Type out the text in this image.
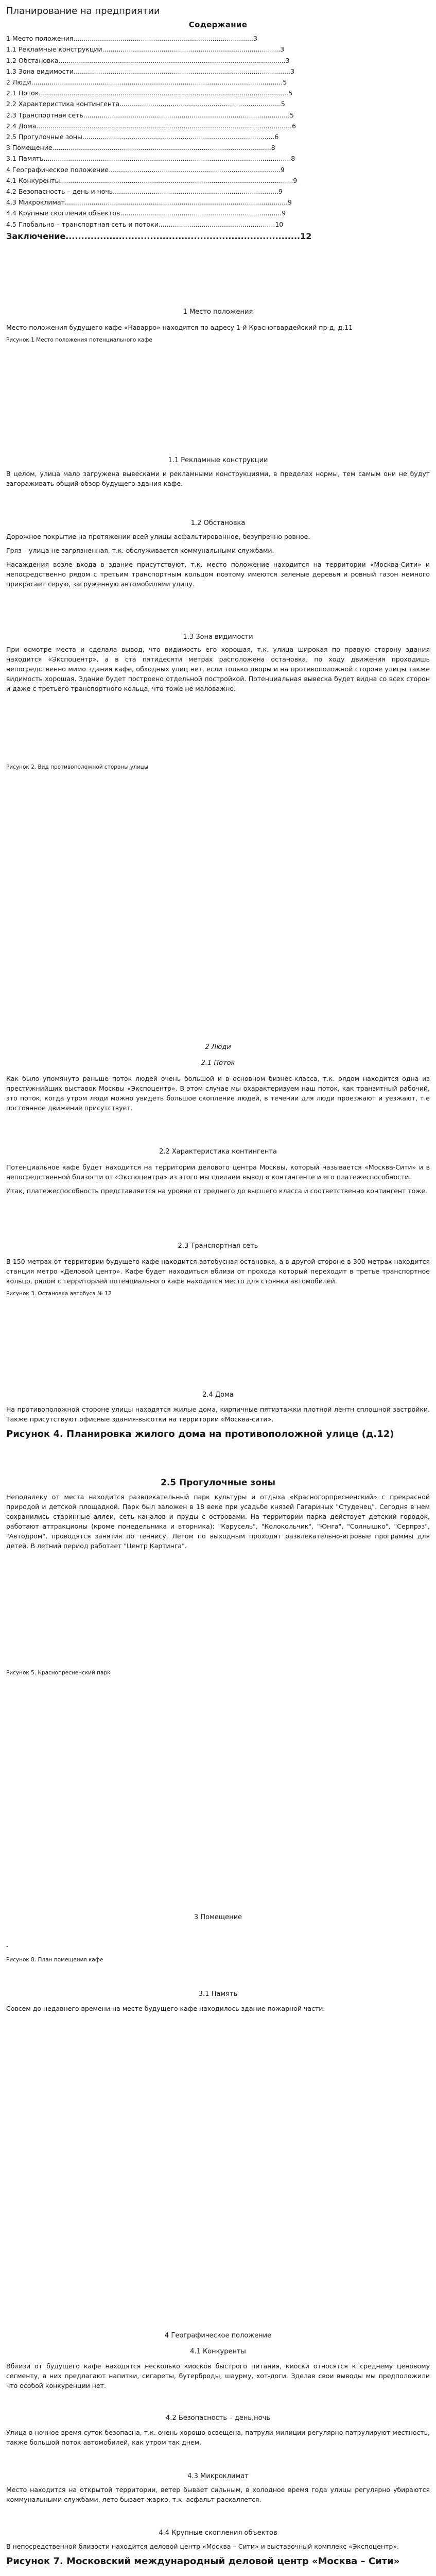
Планирование на предприятии
Содержание
1 Место положения........................................................................................3
1.1 Рекламные конструкции.......................................................................................3
1.2 Обстановка...............................................................................................................3
1.3 Зона видимости..........................................................................................................3
2 Люди...........................................................................................................................5
2.1 Поток..........................................................................................................................5
2.2 Характеристика контингента...............................................................................5
2.3 Транспортная сеть.....................................................................................................5
2.4 Дома.............................................................................................................................6
2.5 Прогулочные зоны..............................................................................................6
3 Помещение...........................................................................................................8
3.1 Память.........................................................................................................................8
4 Географическое положение....................................................................................9
4.1 Конкуренты..................................................................................................................9
4.2 Безопасность – день и ночь.................................................................................9
4.3 Микроклимат.............................................................................................................9
4.4 Крупные скопления объектов...............................................................................9
4.5 Глобально – транспортная сеть и потоки.........................................................10
Заключение...........................................................................12
1 Место положения

Место положения будущего кафе «Наварро» находится по адресу 1-й Красногвардейский пр-д, д.11

Рисунок 1 Место положения потенциального кафе
1.1 Рекламные конструкции

В целом, улица мало загружена вывесками и рекламными конструкциями, в пределах нормы, тем самым они не будут загораживать общий обзор будущего здания кафе.

1.2 Обстановка

Дорожное покрытие на протяжении всей улицы асфальтированное, безупречно ровное.

Гряз – улица не загрязненная, т.к. обслуживается коммунальными службами.

Насаждения возле входа в здание присутствуют, т.к. место положение находится на территории «Москва-Сити» и непосредственно рядом с третьим транспортным кольцом поэтому имеются зеленые деревья и ровный газон немного прикрасает серую, загруженную автомобилями улицу.

1.3 Зона видимости

При осмотре места и сделала вывод, что видимость его хорошая, т.к. улица широкая по правую сторону здания находится «Экспоцентр», а в ста пятидесяти метрах расположена остановка, по ходу движения проходишь непосредственно мимо здания кафе, обходных улиц нет, если только дворы и на противоположной стороне улицы также видимость хорошая. Здание будет построено отдельной постройкой. Потенциальная вывеска будет видна со всех сторон и даже с третьего транспортного кольца, что тоже не маловажно.

Рисунок 2. Вид противоположной стороны улицы
2 Люди
2.1 Поток

Как было упомянуто раньше поток людей очень большой и в основном бизнес-класса, т.к. рядом находится одна из престижнийших выставок Москвы «Экспоцентр». В этом случае мы охарактеризуем наш поток, как транзитный рабочий, это поток, когда утром люди можно увидеть большое скопление людей, в течении для люди проезжают и уезжают, т.е постоянное движение присутствует.

2.2 Характеристика контингента

Потенциальное кафе будет находится на территории делового центра Москвы, который называется «Москва-Сити» и в непосредственной близости от «Экспоцентра» из этого мы сделаем вывод о контингенте и его платежеспособности.

Итак, платежеспособность представляется на уровне от среднего до высшего класса и соответственно контингент тоже.

2.3 Транспортная сеть

В 150 метрах от территории будущего кафе находится автобусная остановка, а в другой стороне в 300 метрах находится станция метро «Деловой центр». Кафе будет находиться вблизи от прохода который переходит в третье транспортное кольцо, рядом с территорией потенциального кафе находится место для стоянки автомобилей.

Рисунок 3. Остановка автобуса № 12
2.4 Дома

На противоположной стороне улицы находятся жилые дома, кирпичные пятиэтажки плотной лентн сплошной застройки. Также присутствуют офисные здания-высотки на территории «Москва-сити».

Рисунок 4. Планировка жилого дома на противоположной улице (д.12)
2.5 Прогулочные зоны

Неподалеку от места находится развлекательный парк культуры и отдыха «Красногорпресненский» с прекрасной природой и детской площадкой. Парк был заложен в 18 веке при усадьбе князей Гагариных "Студенец". Сегодня в нем сохранились старинные аллеи, сеть каналов и пруды с островами. На территории парка действует детский городок, работают аттракционы (кроме понедельника и вторника): "Карусель", "Колокольчик", "Юнга", "Солнышко", "Серпрэз", "Автодром", проводятся занятия по теннису. Летом по выходным проходят развлекательно-игровые программы для детей. В летний период работает "Центр Картинга".

Рисунок 5. Краснопресненский парк
3 Помещение
-
Рисунок 8. План помещения кафе
3.1 Память

Совсем до недавнего времени на месте будущего кафе находилось здание пожарной части.

4 Географическое положение
4.1 Конкуренты

Вблизи от будущего кафе находятся несколько киосков быстрого питания, киоски относятся к среднему ценовому сегменту, а них предлагают напитки, сигареты, бутерброды, шаурму, хот-доги. Зделав свои выводы мы предположили что особой конкуренции нет.

4.2 Безопасность – день,ночь

Улица в ночное время суток безопасна, т.к. очень хорошо освещена, патрули милиции регулярно патрулируют местность, также большой поток автомобилей, как утром так днем.

4.3 Микроклимат

Место находится на открытой территории, ветер бывает сильным, в холодное время года улицы регулярно убираются коммунальными службами, лето бывает жарко, т.к. асфальт раскаляется.

4.4 Крупные скопления объектов

В непосредственной близости находится деловой центр «Москва – Сити» и выставочный комплекс «Экспоцентр».

Рисунок 7. Московский международный деловой центр «Москва – Сити»
